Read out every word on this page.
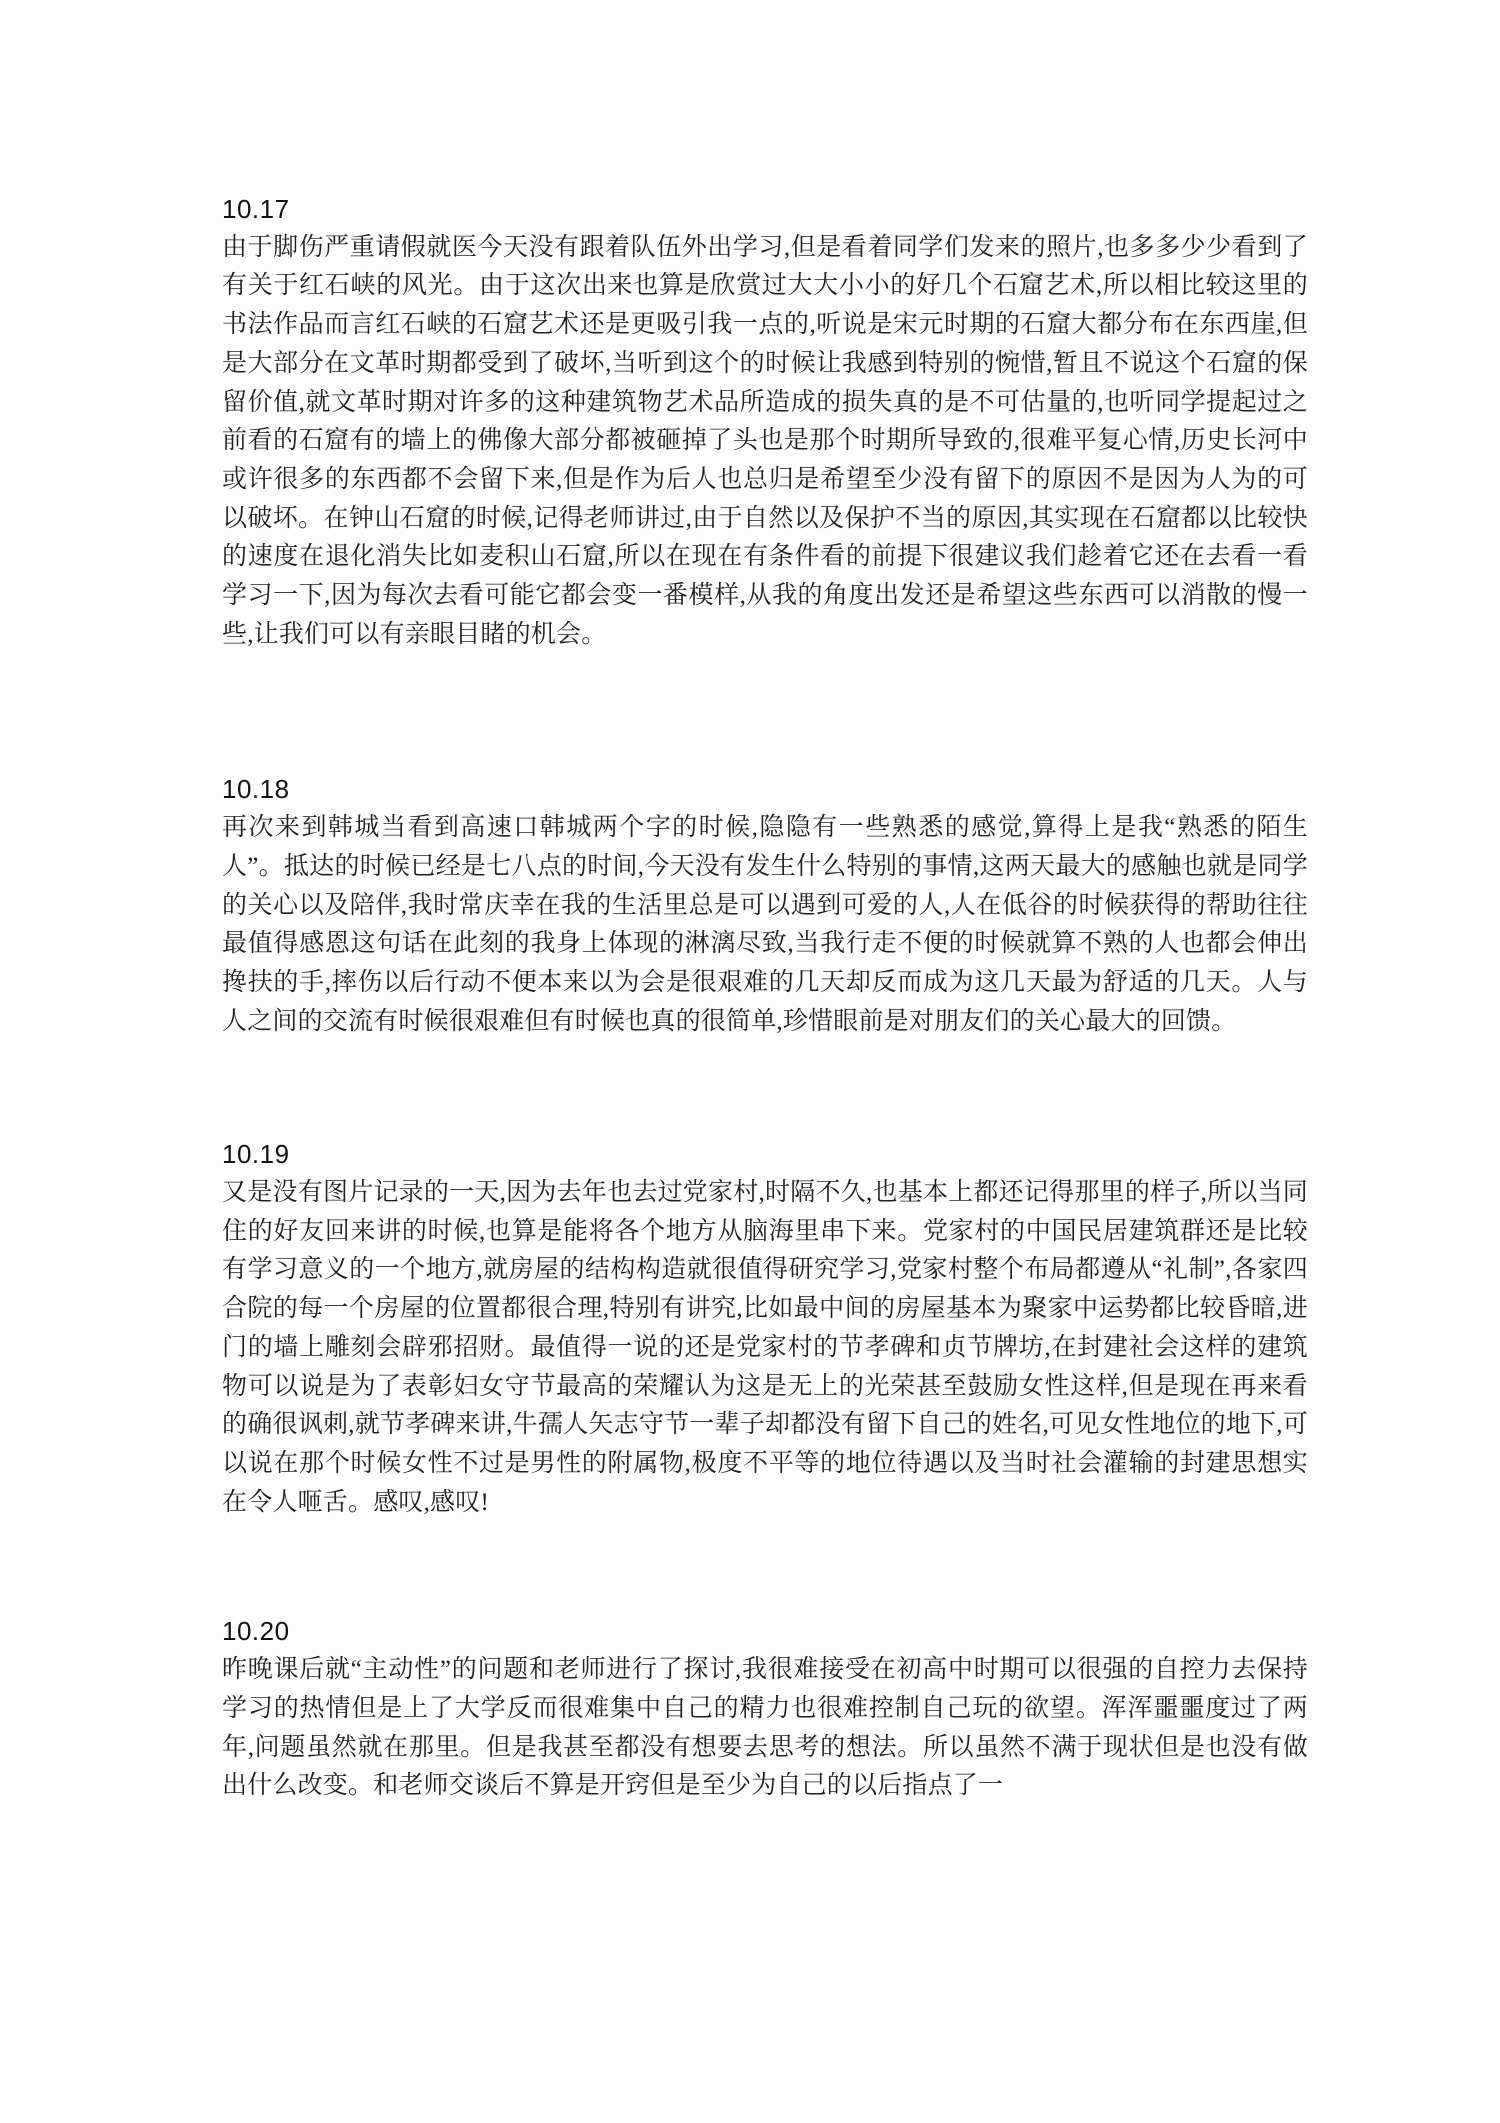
10.17

由于脚伤严重请假就医今天没有跟着队伍外出学习,但是看着同学们发来的照片,也多多少少看到了有关于红石峡的风光。由于这次出来也算是欣赏过大大小小的好几个石窟艺术,所以相比较这里的书法作品而言红石峡的石窟艺术还是更吸引我一点的,听说是宋元时期的石窟大都分布在东西崖,但是大部分在文革时期都受到了破坏,当听到这个的时候让我感到特别的惋惜,暂且不说这个石窟的保留价值,就文革时期对许多的这种建筑物艺术品所造成的损失真的是不可估量的,也听同学提起过之前看的石窟有的墙上的佛像大部分都被砸掉了头也是那个时期所导致的,很难平复心情,历史长河中或许很多的东西都不会留下来,但是作为后人也总归是希望至少没有留下的原因不是因为人为的可以破坏。在钟山石窟的时候,记得老师讲过,由于自然以及保护不当的原因,其实现在石窟都以比较快的速度在退化消失比如麦积山石窟,所以在现在有条件看的前提下很建议我们趁着它还在去看一看学习一下,因为每次去看可能它都会变一番模样,从我的角度出发还是希望这些东西可以消散的慢一些,让我们可以有亲眼目睹的机会。

10.18

再次来到韩城当看到高速口韩城两个字的时候,隐隐有一些熟悉的感觉,算得上是我“熟悉的陌生人”。抵达的时候已经是七八点的时间,今天没有发生什么特别的事情,这两天最大的感触也就是同学的关心以及陪伴,我时常庆幸在我的生活里总是可以遇到可爱的人,人在低谷的时候获得的帮助往往最值得感恩这句话在此刻的我身上体现的淋漓尽致,当我行走不便的时候就算不熟的人也都会伸出搀扶的手,摔伤以后行动不便本来以为会是很艰难的几天却反而成为这几天最为舒适的几天。人与人之间的交流有时候很艰难但有时候也真的很简单,珍惜眼前是对朋友们的关心最大的回馈。

10.19

又是没有图片记录的一天,因为去年也去过党家村,时隔不久,也基本上都还记得那里的样子,所以当同住的好友回来讲的时候,也算是能将各个地方从脑海里串下来。党家村的中国民居建筑群还是比较有学习意义的一个地方,就房屋的结构构造就很值得研究学习,党家村整个布局都遵从“礼制”,各家四合院的每一个房屋的位置都很合理,特别有讲究,比如最中间的房屋基本为聚家中运势都比较昏暗,进门的墙上雕刻会辟邪招财。最值得一说的还是党家村的节孝碑和贞节牌坊,在封建社会这样的建筑物可以说是为了表彰妇女守节最高的荣耀认为这是无上的光荣甚至鼓励女性这样,但是现在再来看的确很讽刺,就节孝碑来讲,牛孺人矢志守节一辈子却都没有留下自己的姓名,可见女性地位的地下,可以说在那个时候女性不过是男性的附属物,极度不平等的地位待遇以及当时社会灌输的封建思想实在令人咂舌。感叹,感叹!

10.20

昨晚课后就“主动性”的问题和老师进行了探讨,我很难接受在初高中时期可以很强的自控力去保持学习的热情但是上了大学反而很难集中自己的精力也很难控制自己玩的欲望。浑浑噩噩度过了两年,问题虽然就在那里。但是我甚至都没有想要去思考的想法。所以虽然不满于现状但是也没有做出什么改变。和老师交谈后不算是开窍但是至少为自己的以后指点了一
